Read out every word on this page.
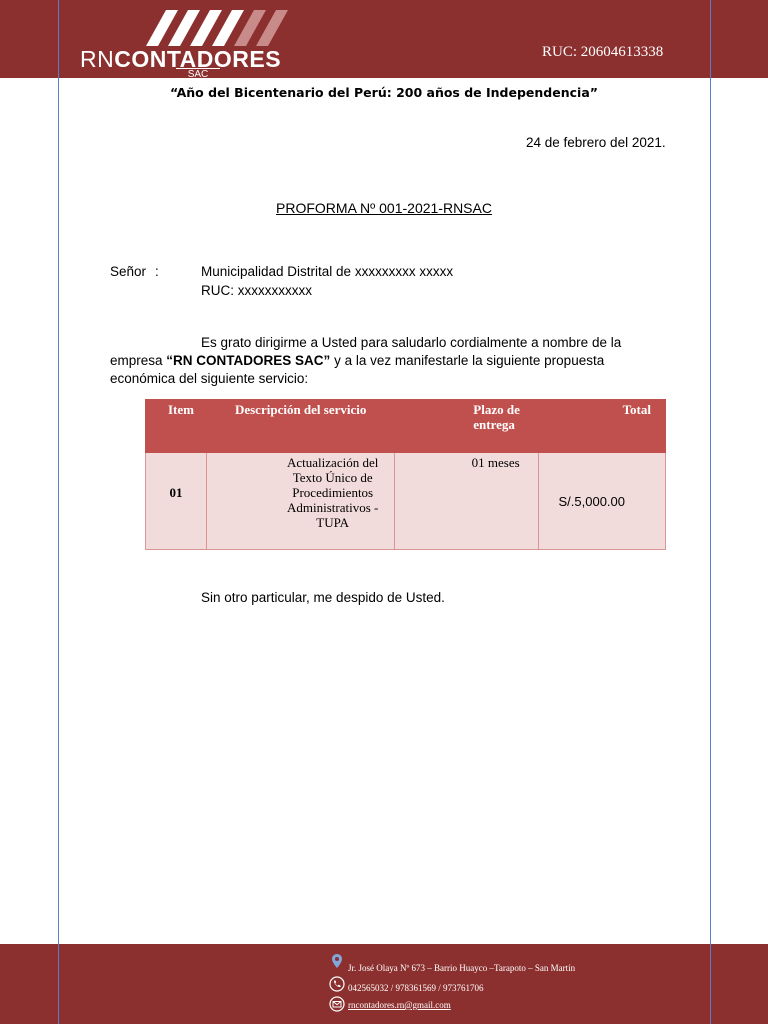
RNCONTADORES
SAC
RUC: 20604613338
“Año del Bicentenario del Perú: 200 años de Independencia”
24 de febrero del 2021.
PROFORMA Nº 001-2021-RNSAC
Señor :	Municipalidad Distrital de xxxxxxxxx xxxxx
RUC: xxxxxxxxxxx
Es grato dirigirme a Usted para saludarlo cordialmente a nombre de la empresa “RN CONTADORES SAC” y a la vez manifestarle la siguiente propuesta económica del siguiente servicio:
Item	Descripción del servicio	Plazo de entrega	Total
01	Actualización del Texto Único de Procedimientos Administrativos - TUPA	01 meses	S/.5,000.00
Sin otro particular, me despido de Usted.
Jr. José Olaya Nº 673 – Barrio Huayco –Tarapoto – San Martín
042565032 / 978361569 / 973761706
rncontadores.rn@gmail.com
